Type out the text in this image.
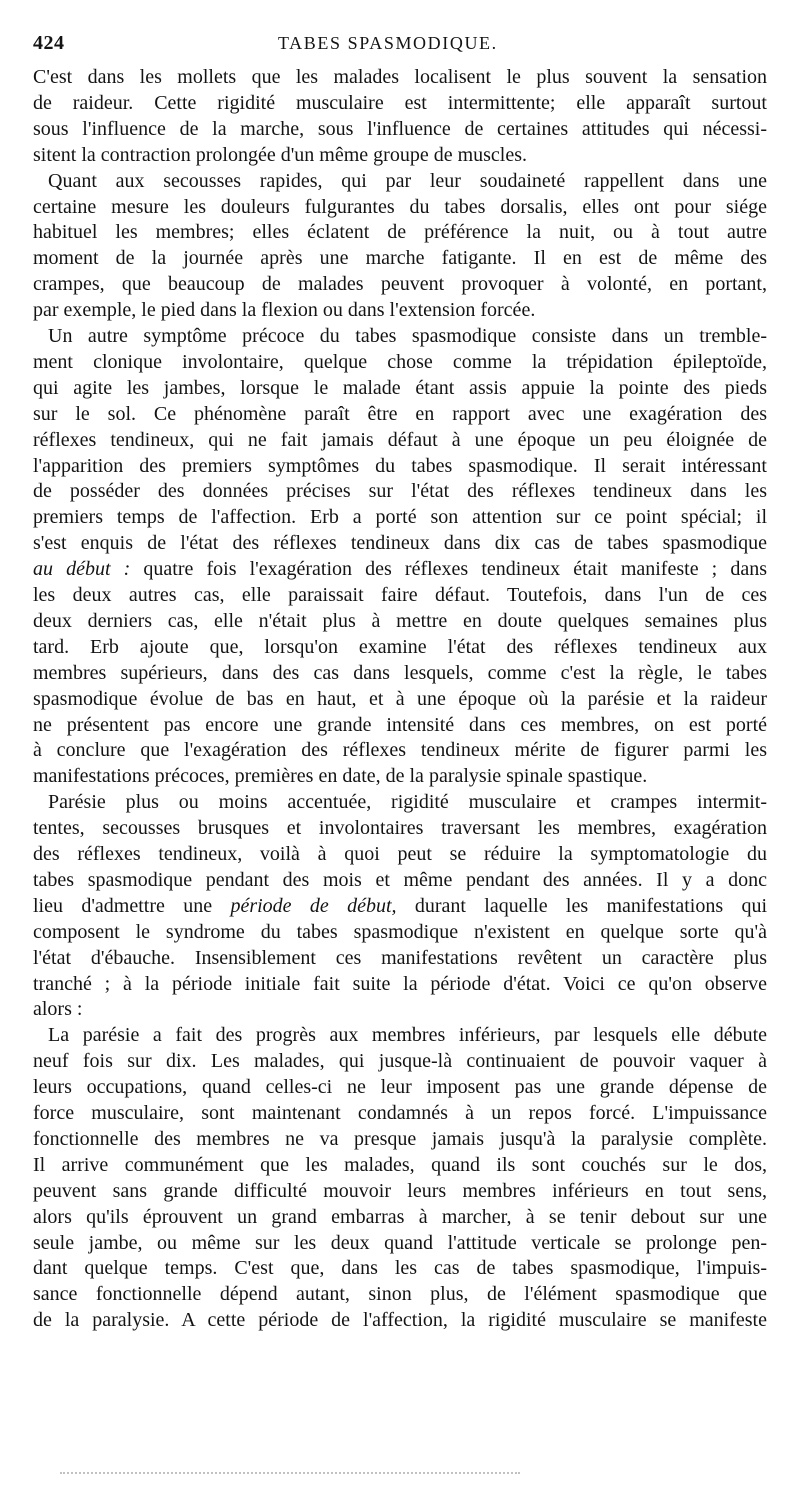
424	TABES SPASMODIQUE.
C'est dans les mollets que les malades localisent le plus souvent la sensation
de raideur. Cette rigidité musculaire est intermittente; elle apparaît surtout
sous l'influence de la marche, sous l'influence de certaines attitudes qui nécessi-
sitent la contraction prolongée d'un même groupe de muscles.
Quant aux secousses rapides, qui par leur soudaineté rappellent dans une
certaine mesure les douleurs fulgurantes du tabes dorsalis, elles ont pour siége
habituel les membres; elles éclatent de préférence la nuit, ou à tout autre
moment de la journée après une marche fatigante. Il en est de même des
crampes, que beaucoup de malades peuvent provoquer à volonté, en portant,
par exemple, le pied dans la flexion ou dans l'extension forcée.
Un autre symptôme précoce du tabes spasmodique consiste dans un tremble-
ment clonique involontaire, quelque chose comme la trépidation épileptoïde,
qui agite les jambes, lorsque le malade étant assis appuie la pointe des pieds
sur le sol. Ce phénomène paraît être en rapport avec une exagération des
réflexes tendineux, qui ne fait jamais défaut à une époque un peu éloignée de
l'apparition des premiers symptômes du tabes spasmodique. Il serait intéressant
de posséder des données précises sur l'état des réflexes tendineux dans les
premiers temps de l'affection. Erb a porté son attention sur ce point spécial; il
s'est enquis de l'état des réflexes tendineux dans dix cas de tabes spasmodique
au début : quatre fois l'exagération des réflexes tendineux était manifeste ; dans
les deux autres cas, elle paraissait faire défaut. Toutefois, dans l'un de ces
deux derniers cas, elle n'était plus à mettre en doute quelques semaines plus
tard. Erb ajoute que, lorsqu'on examine l'état des réflexes tendineux aux
membres supérieurs, dans des cas dans lesquels, comme c'est la règle, le tabes
spasmodique évolue de bas en haut, et à une époque où la parésie et la raideur
ne présentent pas encore une grande intensité dans ces membres, on est porté
à conclure que l'exagération des réflexes tendineux mérite de figurer parmi les
manifestations précoces, premières en date, de la paralysie spinale spastique.
Parésie plus ou moins accentuée, rigidité musculaire et crampes intermit-
tentes, secousses brusques et involontaires traversant les membres, exagération
des réflexes tendineux, voilà à quoi peut se réduire la symptomatologie du
tabes spasmodique pendant des mois et même pendant des années. Il y a donc
lieu d'admettre une période de début, durant laquelle les manifestations qui
composent le syndrome du tabes spasmodique n'existent en quelque sorte qu'à
l'état d'ébauche. Insensiblement ces manifestations revêtent un caractère plus
tranché ; à la période initiale fait suite la période d'état. Voici ce qu'on observe
alors :
La parésie a fait des progrès aux membres inférieurs, par lesquels elle débute
neuf fois sur dix. Les malades, qui jusque-là continuaient de pouvoir vaquer à
leurs occupations, quand celles-ci ne leur imposent pas une grande dépense de
force musculaire, sont maintenant condamnés à un repos forcé. L'impuissance
fonctionnelle des membres ne va presque jamais jusqu'à la paralysie complète.
Il arrive communément que les malades, quand ils sont couchés sur le dos,
peuvent sans grande difficulté mouvoir leurs membres inférieurs en tout sens,
alors qu'ils éprouvent un grand embarras à marcher, à se tenir debout sur une
seule jambe, ou même sur les deux quand l'attitude verticale se prolonge pen-
dant quelque temps. C'est que, dans les cas de tabes spasmodique, l'impuis-
sance fonctionnelle dépend autant, sinon plus, de l'élément spasmodique que
de la paralysie. A cette période de l'affection, la rigidité musculaire se manifeste
